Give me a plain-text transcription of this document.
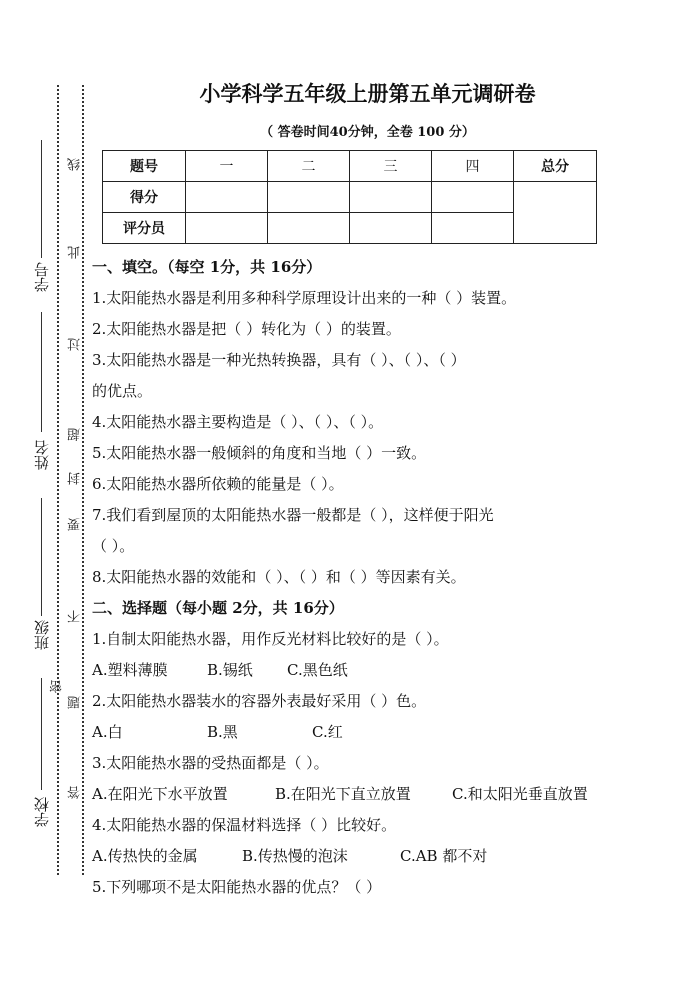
学号
姓名
班级
学校
线
此
过
超
封
要
不
密
题
答
小学科学五年级上册第五单元调研卷
（ 答卷时间40分钟，全卷 100 分）
题号	一	二	三	四	总分
得分					
评分员					
一、填空。（每空 1分，共 16分）
1.太阳能热水器是利用多种科学原理设计出来的一种（ ）装置。
2.太阳能热水器是把（ ）转化为（ ）的装置。
3.太阳能热水器是一种光热转换器，具有（ ）、（ ）、（ ）
的优点。
4.太阳能热水器主要构造是（ ）、（ ）、（ ）。
5.太阳能热水器一般倾斜的角度和当地（ ）一致。
6.太阳能热水器所依赖的能量是（ ）。
7.我们看到屋顶的太阳能热水器一般都是（ ），这样便于阳光
（ ）。
8.太阳能热水器的效能和（ ）、（ ）和（ ）等因素有关。
二、选择题（每小题 2分，共 16分）
1.自制太阳能热水器，用作反光材料比较好的是（ ）。
A.塑料薄膜	B.锡纸 C.黑色纸
2.太阳能热水器装水的容器外表最好采用（ ）色。
A.白	B.黑	C.红
3.太阳能热水器的受热面都是（ ）。
A.在阳光下水平放置	B.在阳光下直立放置	C.和太阳光垂直放置
4.太阳能热水器的保温材料选择（ ）比较好。
A.传热快的金属	B.传热慢的泡沫	C.AB 都不对
5.下列哪项不是太阳能热水器的优点？（ ）
